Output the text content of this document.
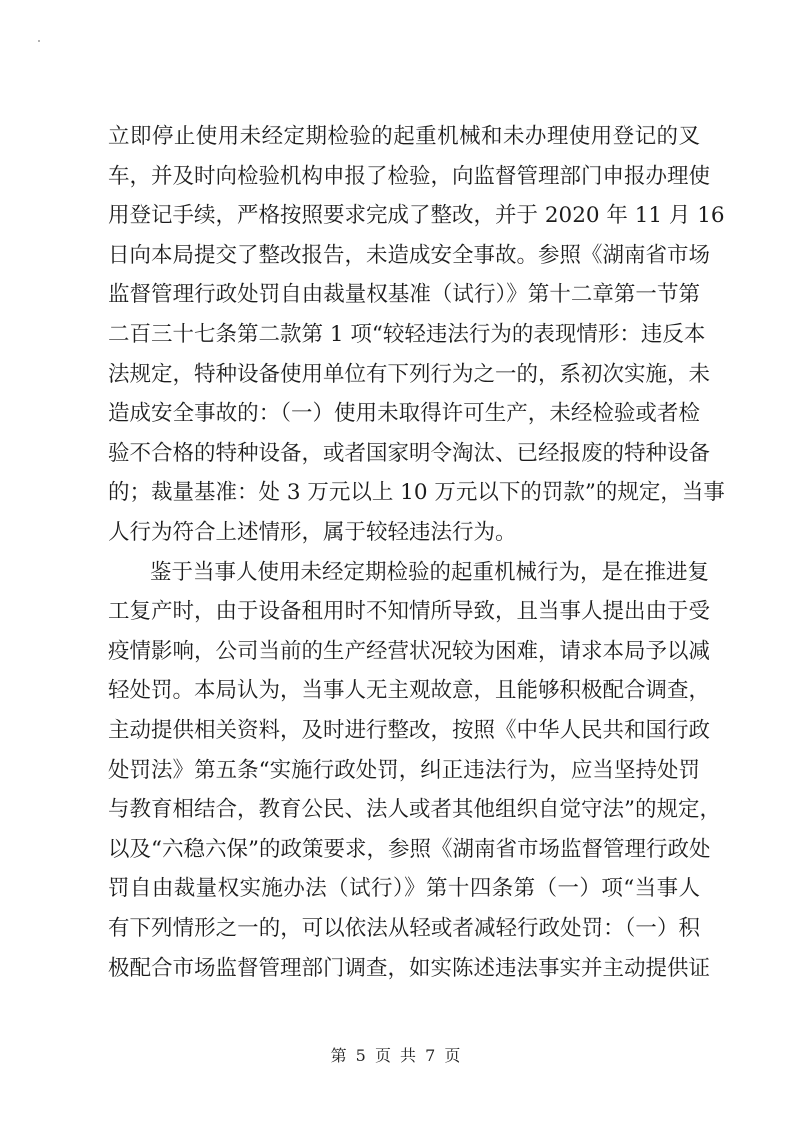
第 5 页 共 7 页
立即停止使用未经定期检验的起重机械和未办理使用登记的叉
车，并及时向检验机构申报了检验，向监督管理部门申报办理使
用登记手续，严格按照要求完成了整改，并于 2020 年 11 月 16
日向本局提交了整改报告，未造成安全事故。参照《湖南省市场
监督管理行政处罚自由裁量权基准（试行）》第十二章第一节第
二百三十七条第二款第 1 项“较轻违法行为的表现情形：违反本
法规定，特种设备使用单位有下列行为之一的，系初次实施，未
造成安全事故的：（一）使用未取得许可生产，未经检验或者检
验不合格的特种设备，或者国家明令淘汰、已经报废的特种设备
的；裁量基准：处 3 万元以上 10 万元以下的罚款”的规定，当事
人行为符合上述情形，属于较轻违法行为。
鉴于当事人使用未经定期检验的起重机械行为，是在推进复
工复产时，由于设备租用时不知情所导致，且当事人提出由于受
疫情影响，公司当前的生产经营状况较为困难，请求本局予以减
轻处罚。本局认为，当事人无主观故意，且能够积极配合调查，
主动提供相关资料，及时进行整改，按照《中华人民共和国行政
处罚法》第五条“实施行政处罚，纠正违法行为，应当坚持处罚
与教育相结合，教育公民、法人或者其他组织自觉守法”的规定，
以及“六稳六保”的政策要求，参照《湖南省市场监督管理行政处
罚自由裁量权实施办法（试行）》第十四条第（一）项“当事人
有下列情形之一的，可以依法从轻或者减轻行政处罚：（一）积
极配合市场监督管理部门调查，如实陈述违法事实并主动提供证
